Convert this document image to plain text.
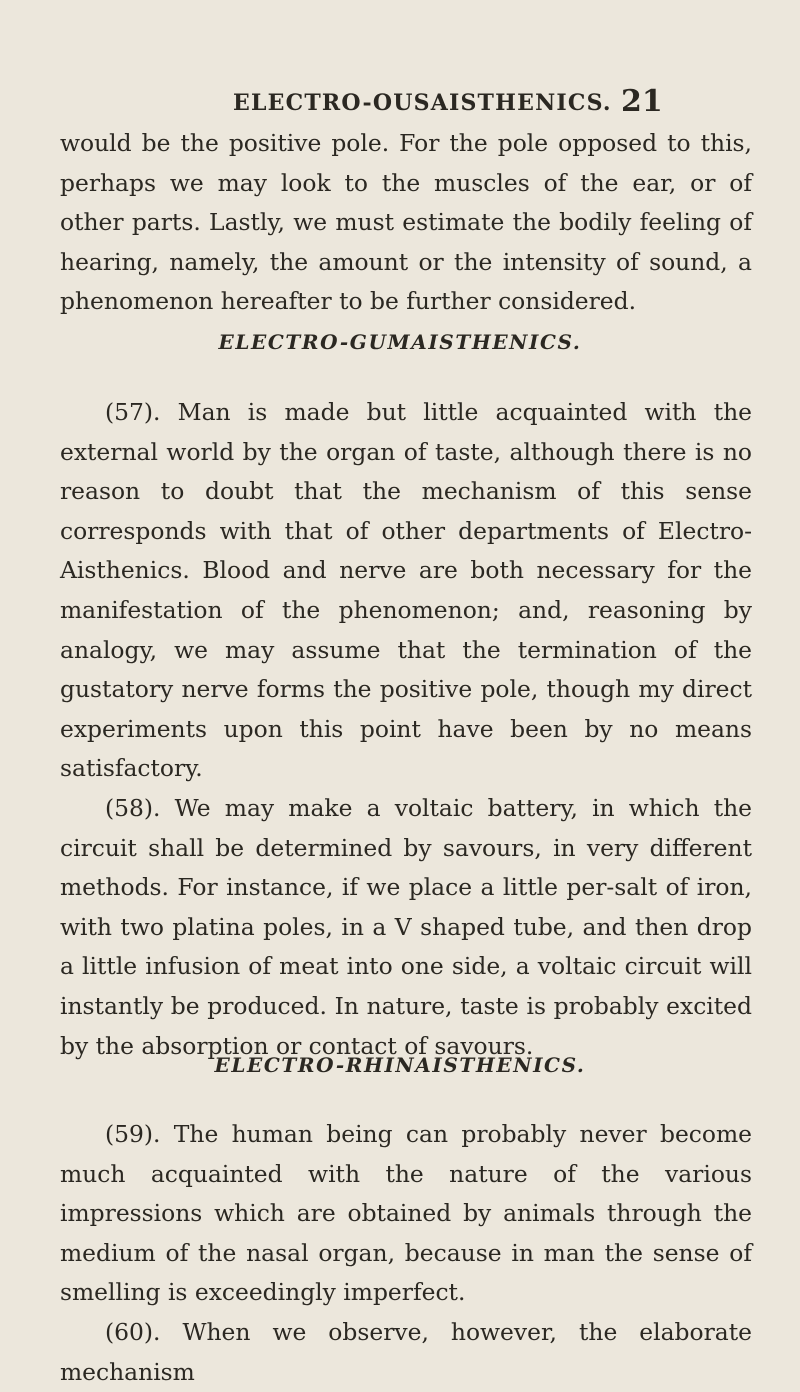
ELECTRO-OUSAISTHENICS. 21

would be the positive pole. For the pole opposed to this, perhaps we may look to the muscles of the ear, or of other parts. Lastly, we must estimate the bodily feeling of hearing, namely, the amount or the intensity of sound, a phenomenon hereafter to be further considered.

ELECTRO-GUMAISTHENICS.

(57). Man is made but little acquainted with the external world by the organ of taste, although there is no reason to doubt that the mechanism of this sense corresponds with that of other departments of Electro-Aisthenics. Blood and nerve are both necessary for the manifestation of the phenomenon; and, reasoning by analogy, we may assume that the termination of the gustatory nerve forms the positive pole, though my direct experiments upon this point have been by no means satisfactory.

(58). We may make a voltaic battery, in which the circuit shall be determined by savours, in very different methods. For instance, if we place a little per-salt of iron, with two platina poles, in a V shaped tube, and then drop a little infusion of meat into one side, a voltaic circuit will instantly be produced. In nature, taste is probably excited by the absorption or contact of savours.

ELECTRO-RHINAISTHENICS.

(59). The human being can probably never become much acquainted with the nature of the various impressions which are obtained by animals through the medium of the nasal organ, because in man the sense of smelling is exceedingly imperfect.

(60). When we observe, however, the elaborate mechanism
